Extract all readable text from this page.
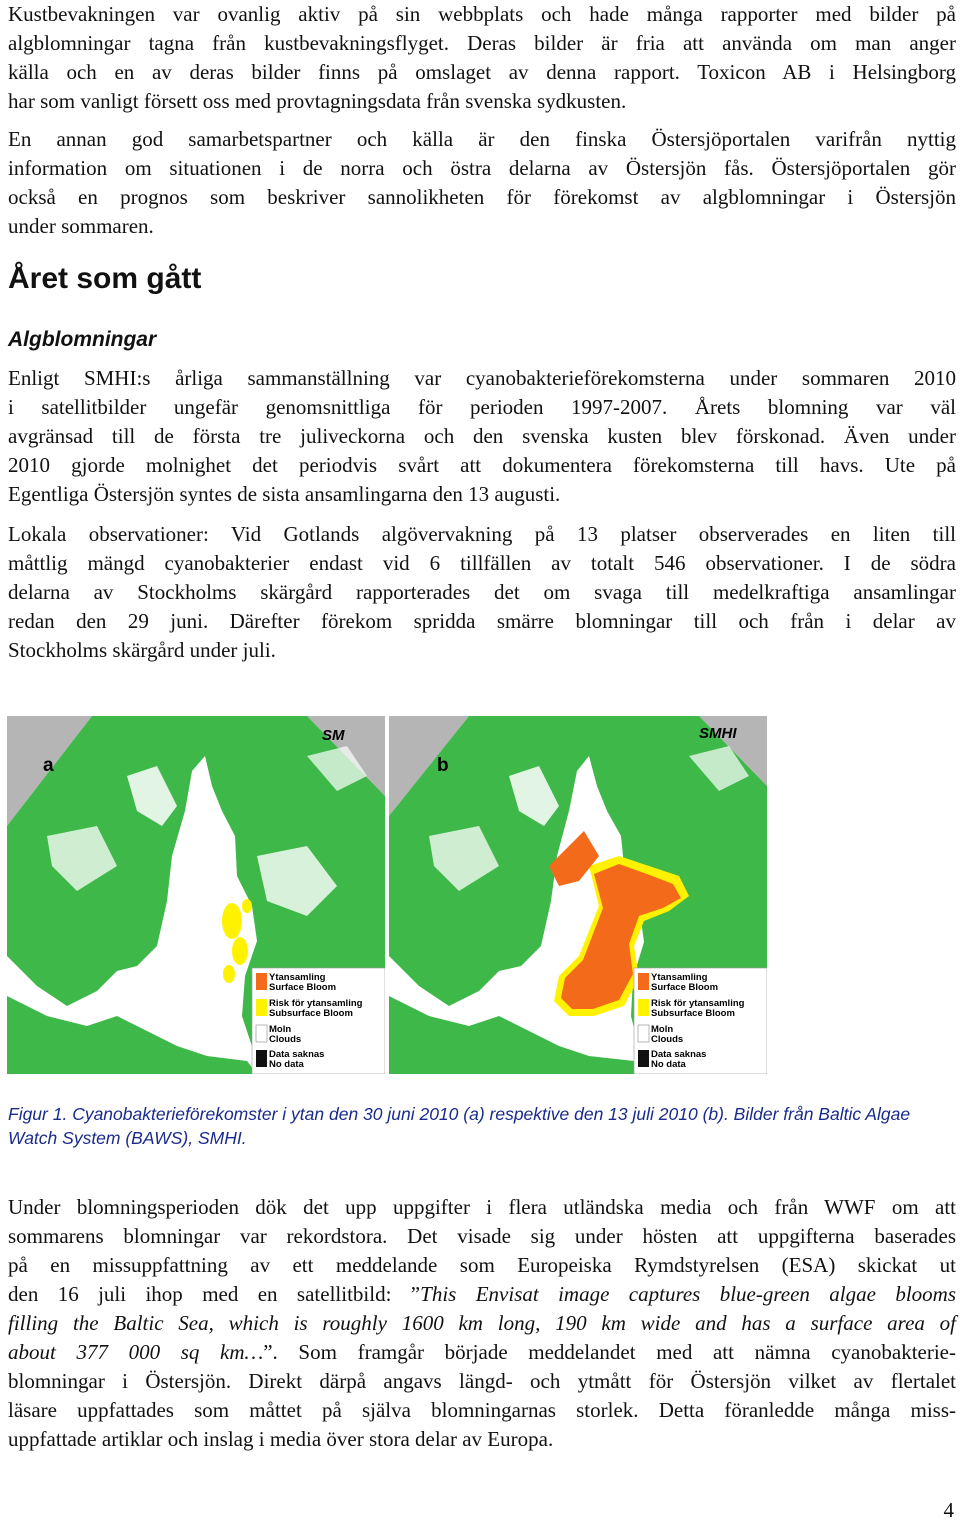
Kustbevakningen var ovanlig aktiv på sin webbplats och hade många rapporter med bilder på
algblomningar tagna från kustbevakningsflyget. Deras bilder är fria att använda om man anger
källa och en av deras bilder finns på omslaget av denna rapport. Toxicon AB i Helsingborg
har som vanligt försett oss med provtagningsdata från svenska sydkusten.
En annan god samarbetspartner och källa är den finska Östersjöportalen varifrån nyttig
information om situationen i de norra och östra delarna av Östersjön fås. Östersjöportalen gör
också en prognos som beskriver sannolikheten för förekomst av algblomningar i Östersjön
under sommaren.
Året som gått
Algblomningar
Enligt SMHI:s årliga sammanställning var cyanobakterieförekomsterna under sommaren 2010
i satellitbilder ungefär genomsnittliga för perioden 1997-2007. Årets blomning var väl
avgränsad till de första tre juliveckorna och den svenska kusten blev förskonad. Även under
2010 gjorde molnighet det periodvis svårt att dokumentera förekomsterna till havs. Ute på
Egentliga Östersjön syntes de sista ansamlingarna den 13 augusti.
Lokala observationer: Vid Gotlands algövervakning på 13 platser observerades en liten till
måttlig mängd cyanobakterier endast vid 6 tillfällen av totalt 546 observationer. I de södra
delarna av Stockholms skärgård rapporterades det om svaga till medelkraftiga ansamlingar
redan den 29 juni. Därefter förekom spridda smärre blomningar till och från i delar av
Stockholms skärgård under juli.
Ytansamling
Surface Bloom
Risk för ytansamling
Subsurface Bloom
Moln
Clouds
Data saknas
No data
a
SM
Ytansamling
Surface Bloom
Risk för ytansamling
Subsurface Bloom
Moln
Clouds
Data saknas
No data
b
SMHI

Figur 1. Cyanobakterieförekomster i ytan den 30 juni 2010 (a) respektive den 13 juli 2010 (b). Bilder från Baltic Algae Watch System (BAWS), SMHI.

Under blomningsperioden dök det upp uppgifter i flera utländska media och från WWF om att
sommarens blomningar var rekordstora. Det visade sig under hösten att uppgifterna baserades
på en missuppfattning av ett meddelande som Europeiska Rymdstyrelsen (ESA) skickat ut
den 16 juli ihop med en satellitbild: ”This Envisat image captures blue-green algae blooms
filling the Baltic Sea, which is roughly 1600 km long, 190 km wide and has a surface area of
about 377 000 sq km…”. Som framgår började meddelandet med att nämna cyanobakterie-
blomningar i Östersjön. Direkt därpå angavs längd- och ytmått för Östersjön vilket av flertalet
läsare uppfattades som måttet på själva blomningarnas storlek. Detta föranledde många miss-
uppfattade artiklar och inslag i media över stora delar av Europa.

4
